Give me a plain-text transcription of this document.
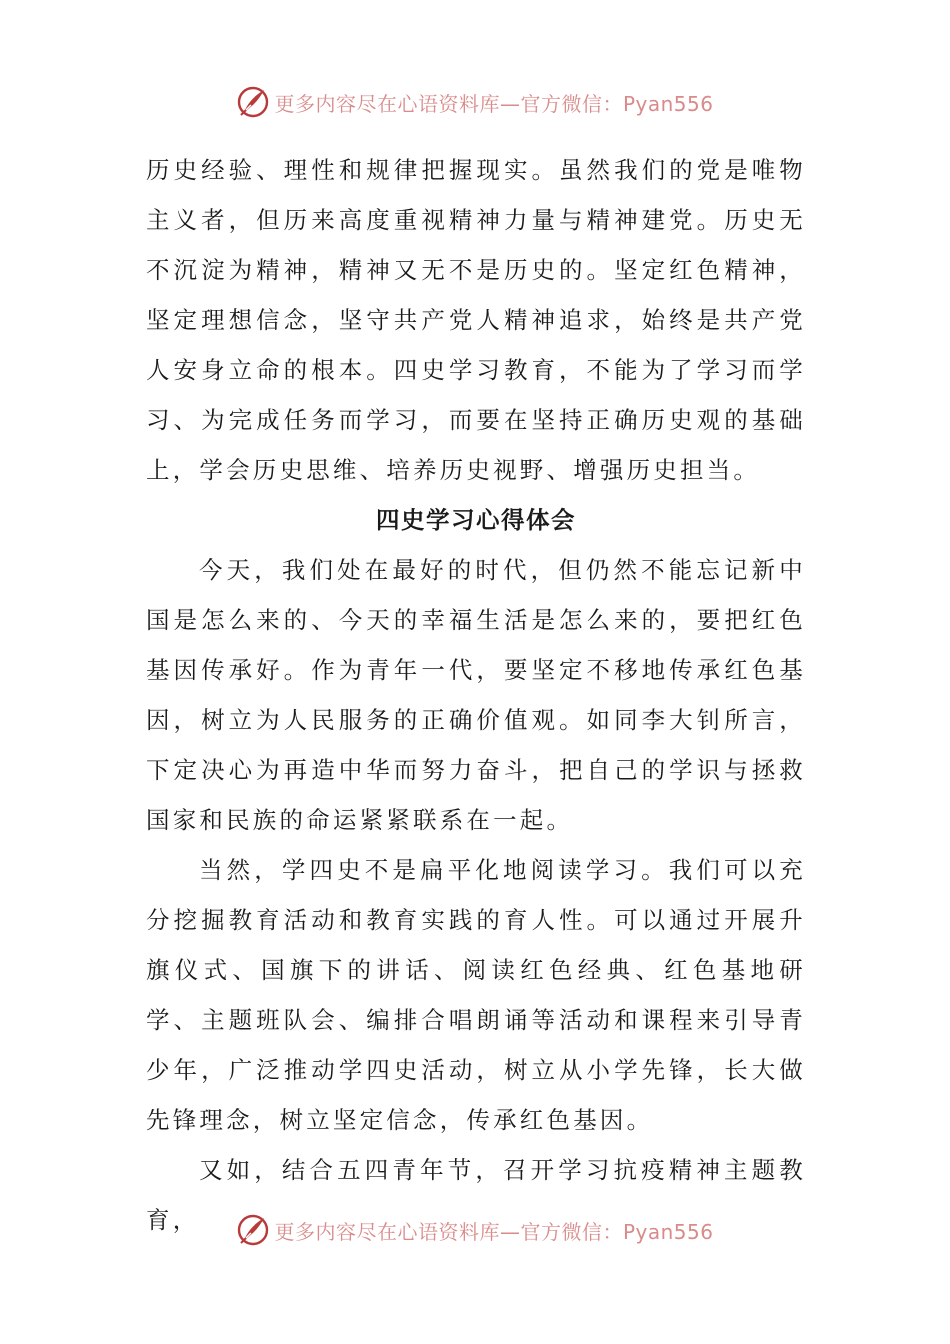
更多内容尽在心语资料库—官方微信：Pyan556

历史经验、理性和规律把握现实。虽然我们的党是唯物主义者，但历来高度重视精神力量与精神建党。历史无不沉淀为精神，精神又无不是历史的。坚定红色精神，坚定理想信念，坚守共产党人精神追求，始终是共产党人安身立命的根本。四史学习教育，不能为了学习而学习、为完成任务而学习，而要在坚持正确历史观的基础上，学会历史思维、培养历史视野、增强历史担当。

四史学习心得体会

今天，我们处在最好的时代，但仍然不能忘记新中国是怎么来的、今天的幸福生活是怎么来的，要把红色基因传承好。作为青年一代，要坚定不移地传承红色基因，树立为人民服务的正确价值观。如同李大钊所言，下定决心为再造中华而努力奋斗，把自己的学识与拯救国家和民族的命运紧紧联系在一起。

当然，学四史不是扁平化地阅读学习。我们可以充分挖掘教育活动和教育实践的育人性。可以通过开展升旗仪式、国旗下的讲话、阅读红色经典、红色基地研学、主题班队会、编排合唱朗诵等活动和课程来引导青少年，广泛推动学四史活动，树立从小学先锋，长大做先锋理念，树立坚定信念，传承红色基因。

又如，结合五四青年节，召开学习抗疫精神主题教育，	更多内容尽在心语资料库—官方微信：Pyan556
